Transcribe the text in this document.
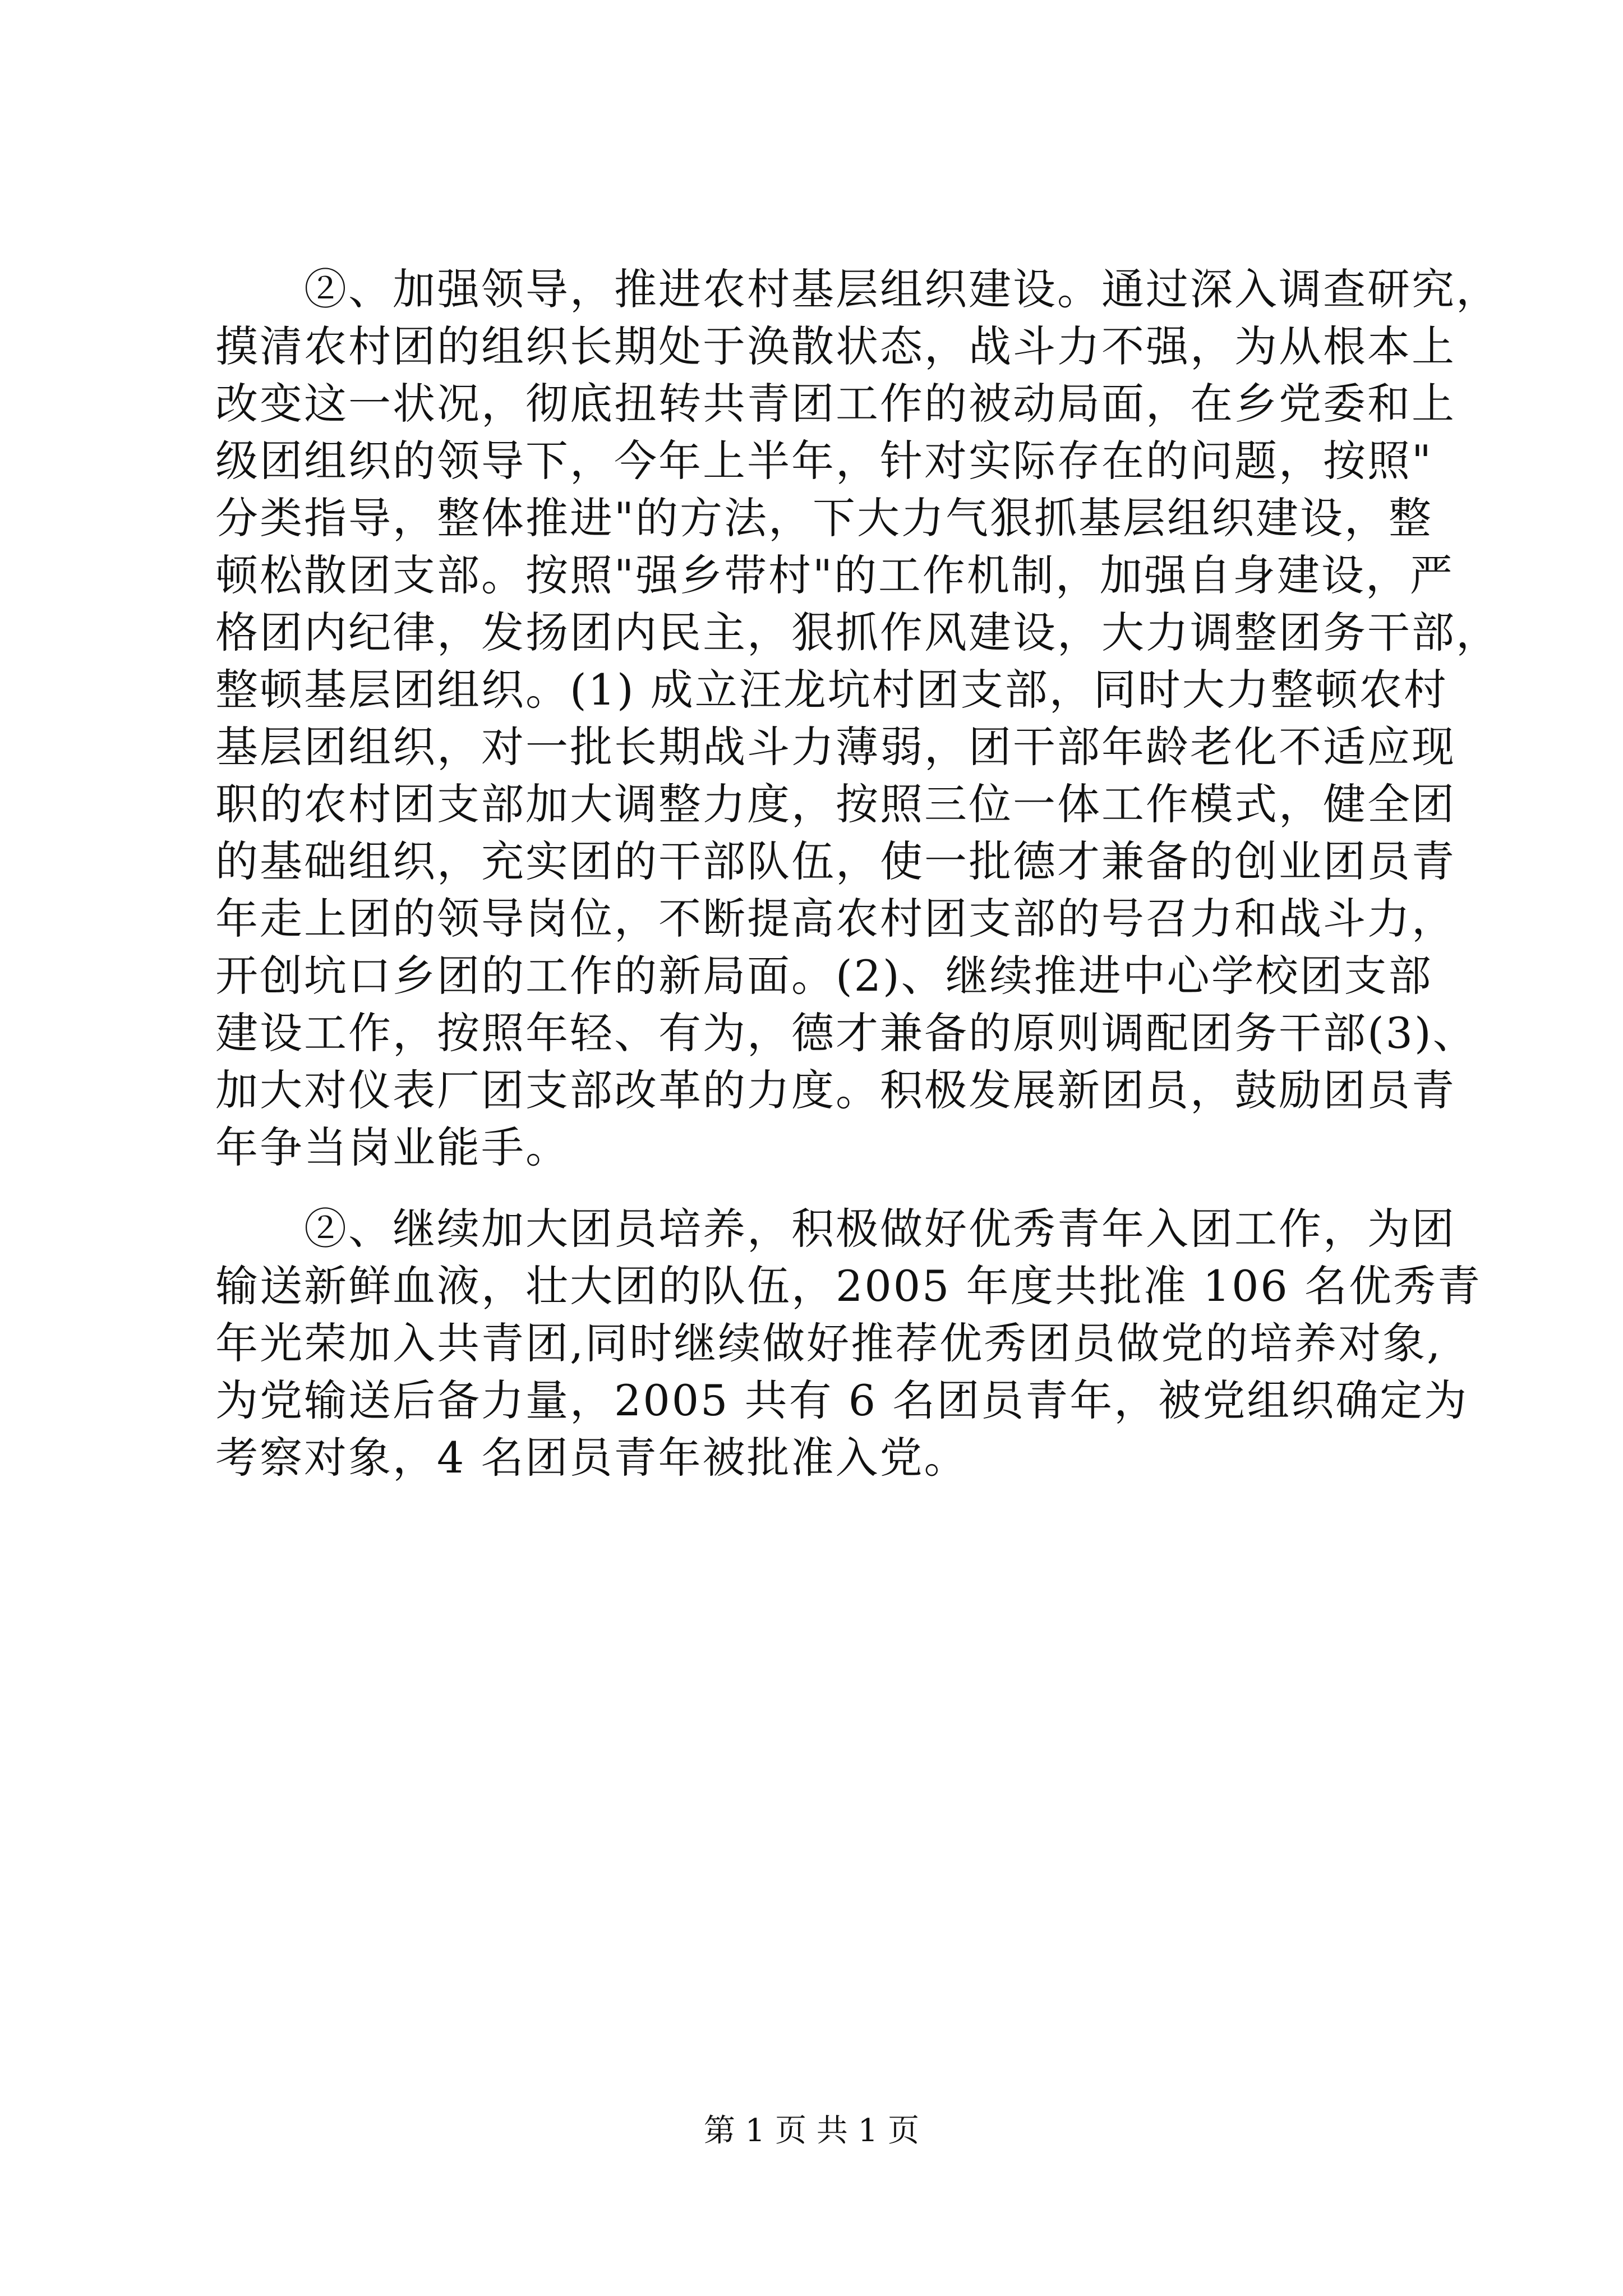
　　②、加强领导，推进农村基层组织建设。通过深入调查研究，
摸清农村团的组织长期处于涣散状态，战斗力不强，为从根本上
改变这一状况，彻底扭转共青团工作的被动局面，在乡党委和上
级团组织的领导下，今年上半年，针对实际存在的问题，按照"
分类指导，整体推进"的方法，下大力气狠抓基层组织建设，整
顿松散团支部。按照"强乡带村"的工作机制，加强自身建设，严
格团内纪律，发扬团内民主，狠抓作风建设，大力调整团务干部，
整顿基层团组织。(1) 成立汪龙坑村团支部，同时大力整顿农村
基层团组织，对一批长期战斗力薄弱，团干部年龄老化不适应现
职的农村团支部加大调整力度，按照三位一体工作模式，健全团
的基础组织，充实团的干部队伍，使一批德才兼备的创业团员青
年走上团的领导岗位，不断提高农村团支部的号召力和战斗力，
开创坑口乡团的工作的新局面。(2)、继续推进中心学校团支部
建设工作，按照年轻、有为，德才兼备的原则调配团务干部(3)、
加大对仪表厂团支部改革的力度。积极发展新团员，鼓励团员青
年争当岗业能手。
　　②、继续加大团员培养，积极做好优秀青年入团工作，为团
输送新鲜血液，壮大团的队伍，2005 年度共批准 106 名优秀青
年光荣加入共青团,同时继续做好推荐优秀团员做党的培养对象,
为党输送后备力量，2005 共有 6 名团员青年，被党组织确定为
考察对象，4 名团员青年被批准入党。
第 1 页 共 1 页
